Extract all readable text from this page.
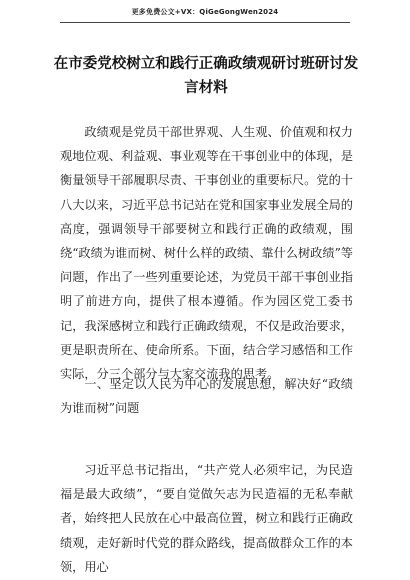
更多免费公文+VX：QiGeGongWen2024
在市委党校树立和践行正确政绩观研讨班研讨发言材料

政绩观是党员干部世界观、人生观、价值观和权力观地位观、利益观、事业观等在干事创业中的体现，是衡量领导干部履职尽责、干事创业的重要标尺。党的十八大以来，习近平总书记站在党和国家事业发展全局的高度，强调领导干部要树立和践行正确的政绩观，围绕“政绩为谁而树、树什么样的政绩、靠什么树政绩”等问题，作出了一些列重要论述，为党员干部干事创业指明了前进方向，提供了根本遵循。作为园区党工委书记，我深感树立和践行正确政绩观，不仅是政治要求，更是职责所在、使命所系。下面，结合学习感悟和工作实际，分三个部分与大家交流我的思考。

一、坚定以人民为中心的发展思想，解决好“政绩为谁而树”问题

习近平总书记指出，“共产党人必须牢记，为民造福是最大政绩”，“要自觉做矢志为民造福的无私奉献者，始终把人民放在心中最高位置，树立和践行正确政绩观，走好新时代党的群众路线，提高做群众工作的本领，用心
